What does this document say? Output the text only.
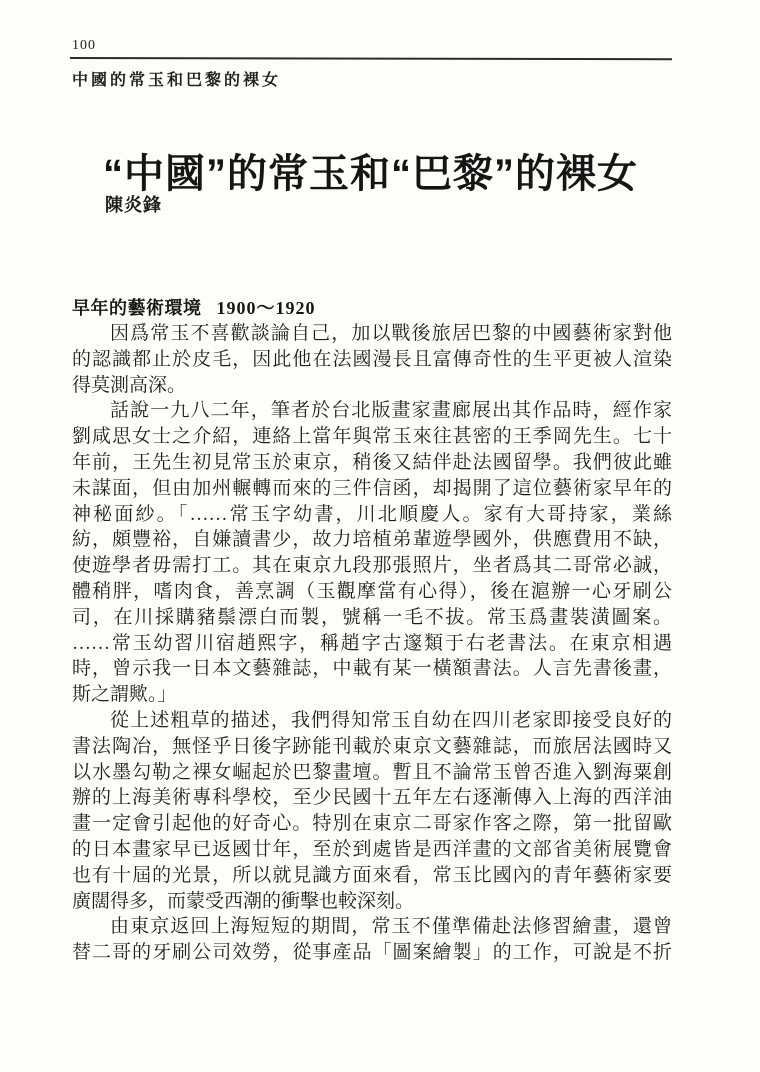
100
中國的常玉和巴黎的裸女
“中國”的常玉和“巴黎”的裸女
陳炎鋒
早年的藝術環境 1900～1920
因爲常玉不喜歡談論自己，加以戰後旅居巴黎的中國藝術家對他
的認識都止於皮毛，因此他在法國漫長且富傳奇性的生平更被人渲染
得莫測高深。
話說一九八二年，筆者於台北版畫家畫廊展出其作品時，經作家
劉咸思女士之介紹，連絡上當年與常玉來往甚密的王季岡先生。七十
年前，王先生初見常玉於東京，稍後又結伴赴法國留學。我們彼此雖
未謀面，但由加州輾轉而來的三件信函，却揭開了這位藝術家早年的
神秘面紗。「……常玉字幼書，川北順慶人。家有大哥持家，業絲
紡，頗豐裕，自嫌讀書少，故力培植弟輩遊學國外，供應費用不缺，
使遊學者毋需打工。其在東京九段那張照片，坐者爲其二哥常必誠，
體稍胖，嗜肉食，善烹調（玉觀摩當有心得），後在滬辦一心牙刷公
司，在川採購豬鬃漂白而製，號稱一毛不拔。常玉爲畫裝潢圖案。
……常玉幼習川宿趙熙字，稱趙字古邃類于右老書法。在東京相遇
時，曾示我一日本文藝雜誌，中載有某一橫額書法。人言先書後畫，
斯之謂歟。」
從上述粗草的描述，我們得知常玉自幼在四川老家即接受良好的
書法陶冶，無怪乎日後字跡能刊載於東京文藝雜誌，而旅居法國時又
以水墨勾勒之裸女崛起於巴黎畫壇。暫且不論常玉曾否進入劉海粟創
辦的上海美術專科學校，至少民國十五年左右逐漸傳入上海的西洋油
畫一定會引起他的好奇心。特別在東京二哥家作客之際，第一批留歐
的日本畫家早已返國廿年，至於到處皆是西洋畫的文部省美術展覽會
也有十屆的光景，所以就見識方面來看，常玉比國內的青年藝術家要
廣闊得多，而蒙受西潮的衝擊也較深刻。
由東京返回上海短短的期間，常玉不僅準備赴法修習繪畫，還曾
替二哥的牙刷公司效勞，從事產品「圖案繪製」的工作，可說是不折
